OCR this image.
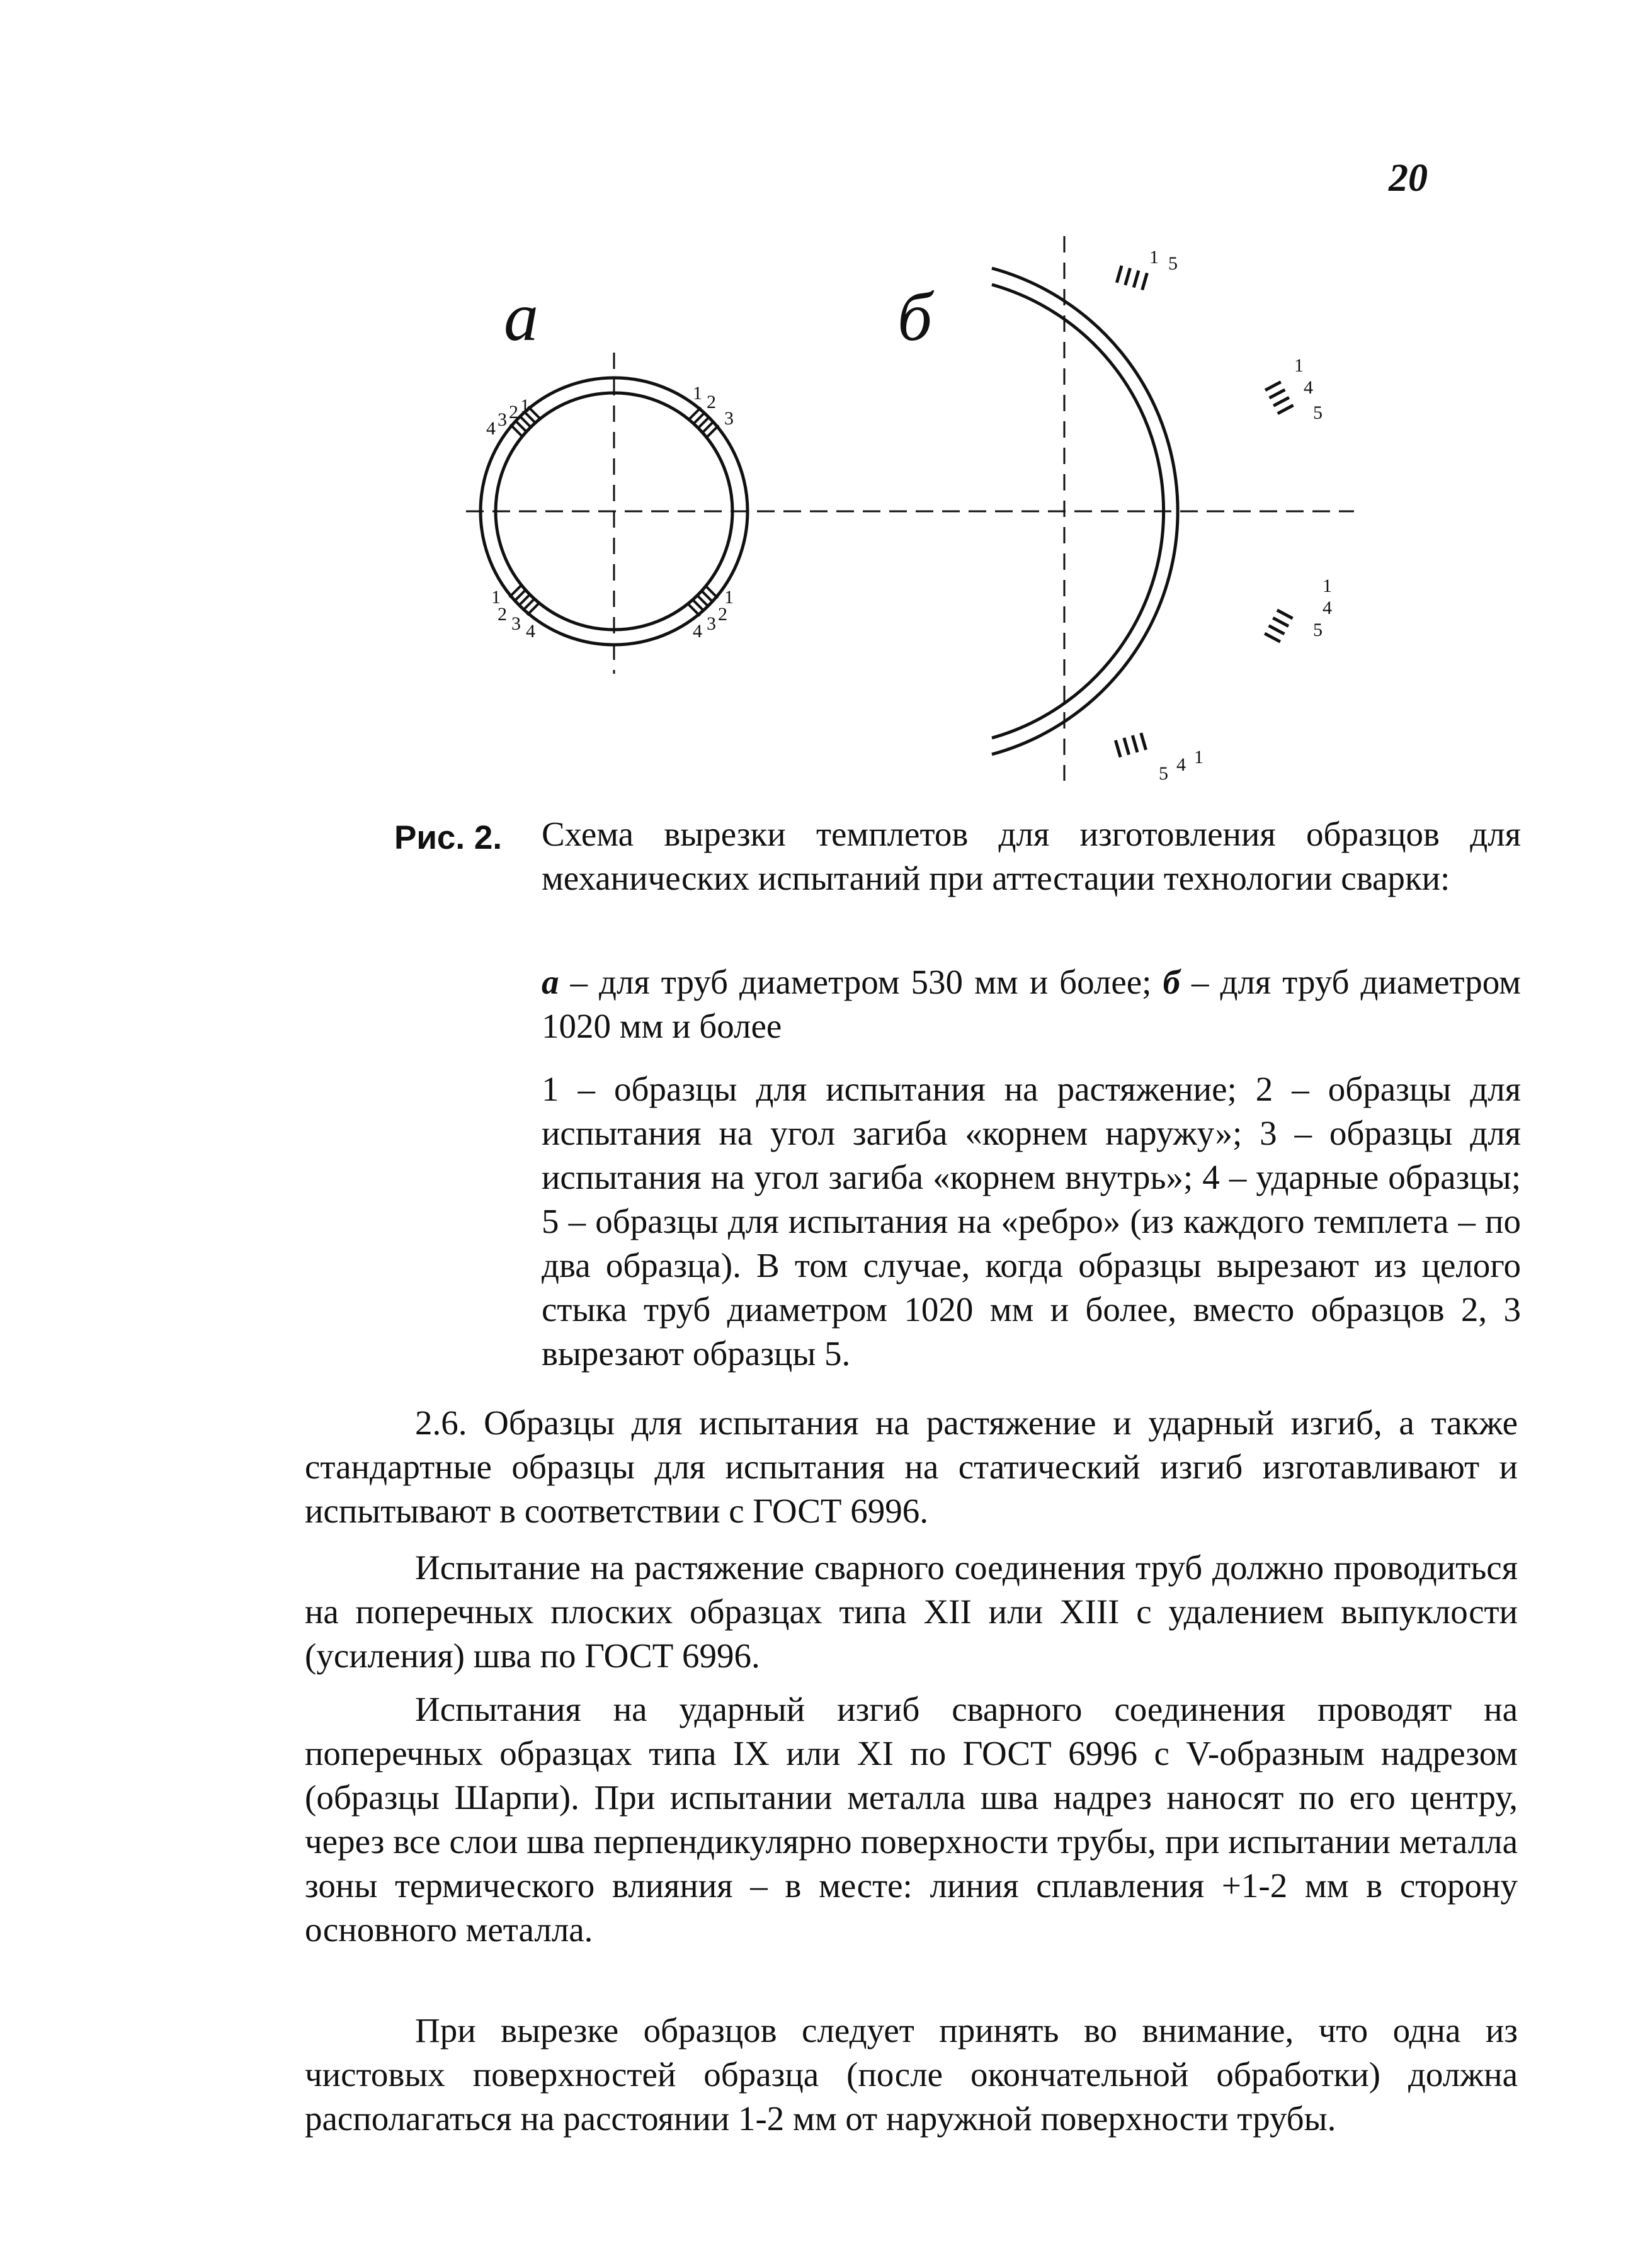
20
а	б
4 3 2 1
1 2
3
1
2 3 4	4 3 2
1
1 5
1
4
5
1
4
5
5 4 1
Рис. 2. Схема вырезки темплетов для изготовления образцов для механических испытаний при аттестации технологии сварки:
а – для труб диаметром 530 мм и более; б – для труб диаметром 1020 мм и более
1 – образцы для испытания на растяжение; 2 – образцы для испытания на угол загиба «корнем наружу»; 3 – образцы для испытания на угол загиба «корнем внутрь»; 4 – ударные образцы; 5 – образцы для испытания на «ребро» (из каждого темплета – по два образца). В том случае, когда образцы вырезают из целого стыка труб диаметром 1020 мм и более, вместо образцов 2, 3 вырезают образцы 5.

2.6. Образцы для испытания на растяжение и ударный изгиб, а также стандартные образцы для испытания на статический изгиб изготавливают и испытывают в соответствии с ГОСТ 6996.

Испытание на растяжение сварного соединения труб должно проводиться на поперечных плоских образцах типа XII или XIII с удалением выпуклости (усиления) шва по ГОСТ 6996.

Испытания на ударный изгиб сварного соединения проводят на поперечных образцах типа IX или XI по ГОСТ 6996 с V-образным надрезом (образцы Шарпи). При испытании металла шва надрез наносят по его центру, через все слои шва перпендикулярно поверхности трубы, при испытании металла зоны термического влияния – в месте: линия сплавления +1-2 мм в сторону основного металла.

При вырезке образцов следует принять во внимание, что одна из чистовых поверхностей образца (после окончательной обработки) должна располагаться на расстоянии 1-2 мм от наружной поверхности трубы.
